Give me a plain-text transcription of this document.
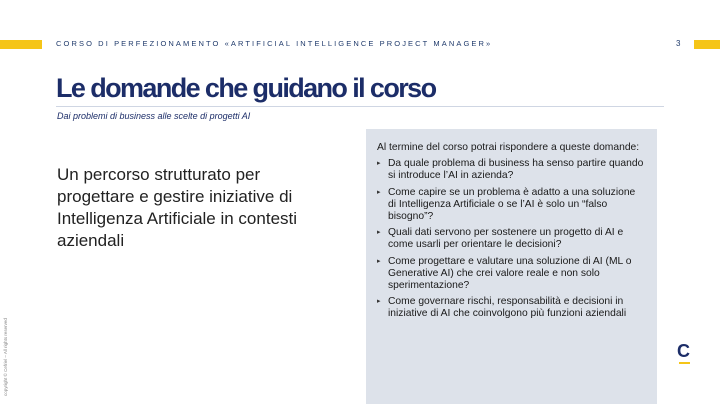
CORSO DI PERFEZIONAMENTO «ARTIFICIAL INTELLIGENCE PROJECT MANAGER»	3
Le domande che guidano il corso
Dai problemi di business alle scelte di progetti AI

Un percorso strutturato per progettare e gestire iniziative di Intelligenza Artificiale in contesti aziendali

Al termine del corso potrai rispondere a queste domande:

▸ Da quale problema di business ha senso partire quando si introduce l’AI in azienda?
▸ Come capire se un problema è adatto a una soluzione di Intelligenza Artificiale o se l’AI è solo un “falso bisogno”?
▸ Quali dati servono per sostenere un progetto di AI e come usarli per orientare le decisioni?
▸ Come progettare e valutare una soluzione di AI (ML o Generative AI) che crei valore reale e non solo sperimentazione?
▸ Come governare rischi, responsabilità e decisioni in iniziative di AI che coinvolgono più funzioni aziendali
copyright © Cefriel – All rights reserved	C
